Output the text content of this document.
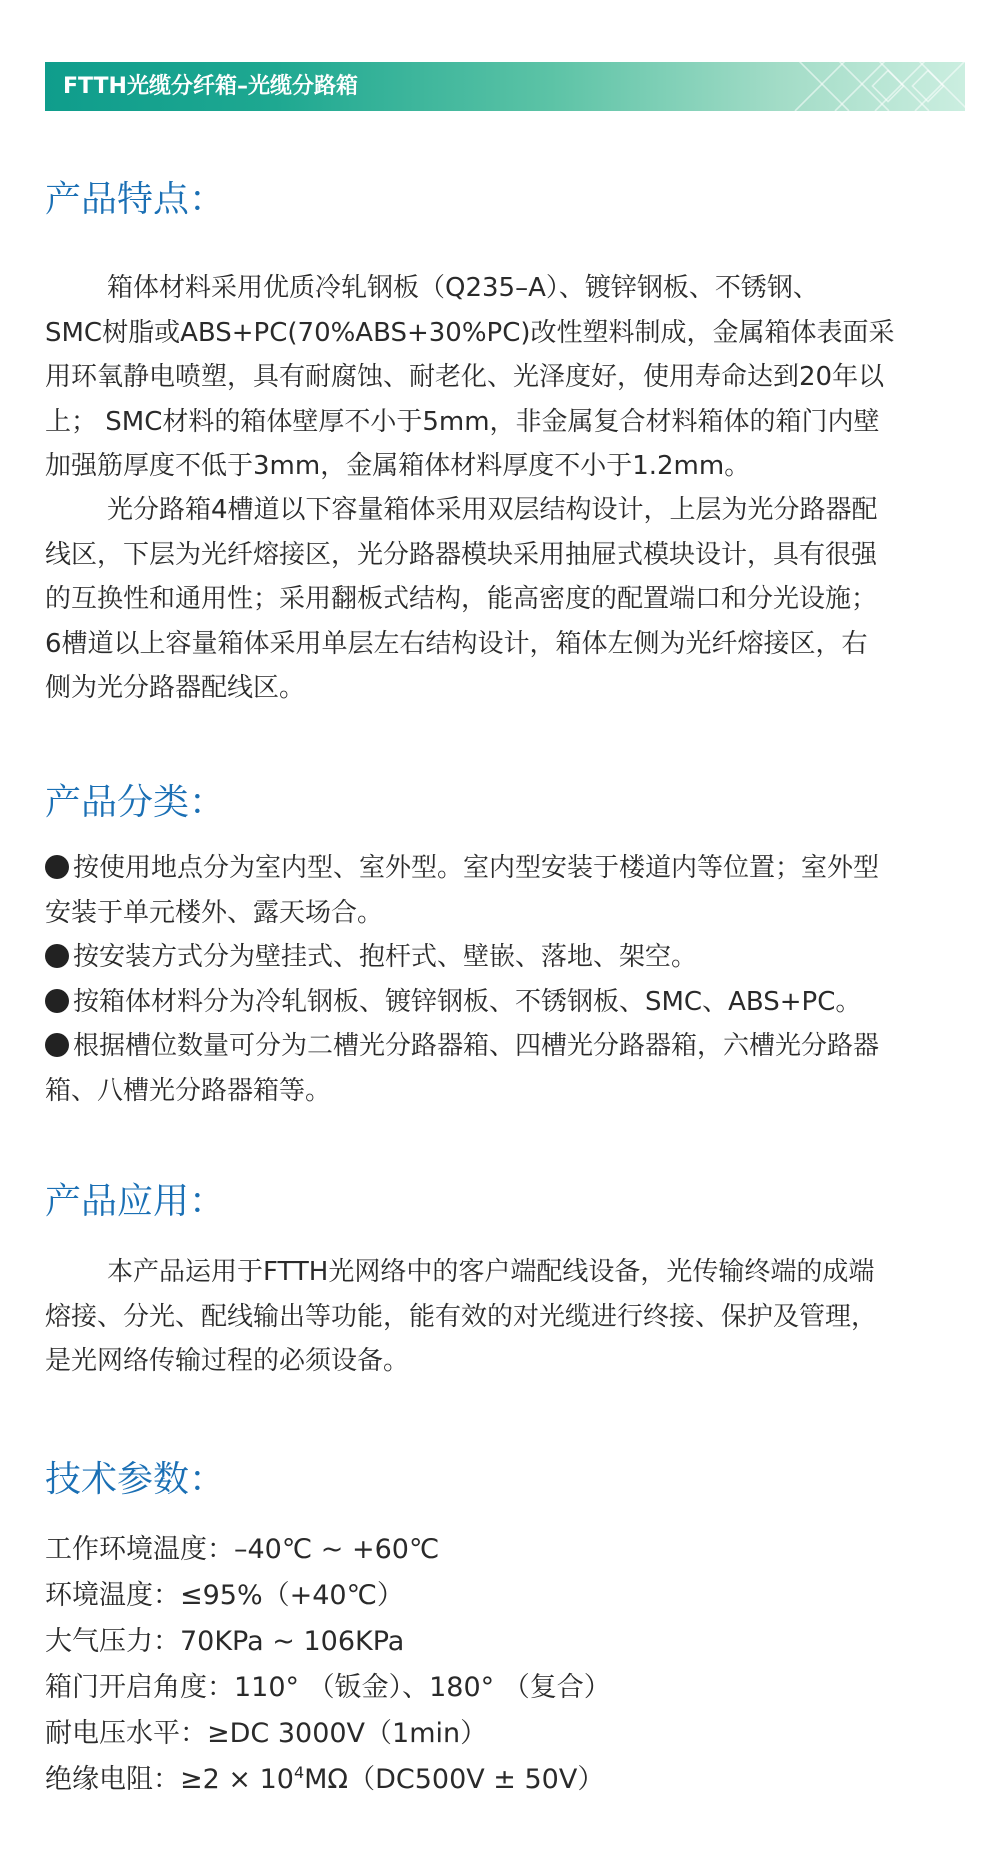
FTTH光缆分纤箱–光缆分路箱
产品特点：
箱体材料采用优质冷轧钢板（Q235–A）、镀锌钢板、不锈钢、
SMC树脂或ABS+PC(70%ABS+30%PC)改性塑料制成，金属箱体表面采
用环氧静电喷塑，具有耐腐蚀、耐老化、光泽度好，使用寿命达到20年以
上； SMC材料的箱体壁厚不小于5mm，非金属复合材料箱体的箱门内壁
加强筋厚度不低于3mm，金属箱体材料厚度不小于1.2mm。
光分路箱4槽道以下容量箱体采用双层结构设计，上层为光分路器配
线区，下层为光纤熔接区，光分路器模块采用抽屉式模块设计，具有很强
的互换性和通用性；采用翻板式结构，能高密度的配置端口和分光设施；
6槽道以上容量箱体采用单层左右结构设计，箱体左侧为光纤熔接区，右
侧为光分路器配线区。
产品分类：
按使用地点分为室内型、室外型。室内型安装于楼道内等位置；室外型
安装于单元楼外、露天场合。
按安装方式分为壁挂式、抱杆式、壁嵌、落地、架空。
按箱体材料分为冷轧钢板、镀锌钢板、不锈钢板、SMC、ABS+PC。
根据槽位数量可分为二槽光分路器箱、四槽光分路器箱，六槽光分路器
箱、八槽光分路器箱等。
产品应用：
本产品运用于FTTH光网络中的客户端配线设备，光传输终端的成端
熔接、分光、配线输出等功能，能有效的对光缆进行终接、保护及管理，
是光网络传输过程的必须设备。
技术参数：
工作环境温度：–40℃ ~ +60℃
环境温度：≤95%（+40℃）
大气压力：70KPa ~ 106KPa
箱门开启角度：110° （钣金）、180° （复合）
耐电压水平：≥DC 3000V（1min）
绝缘电阻：$\ge 2 \times 10^4M\Omega(DC500V \pm 50V)$
